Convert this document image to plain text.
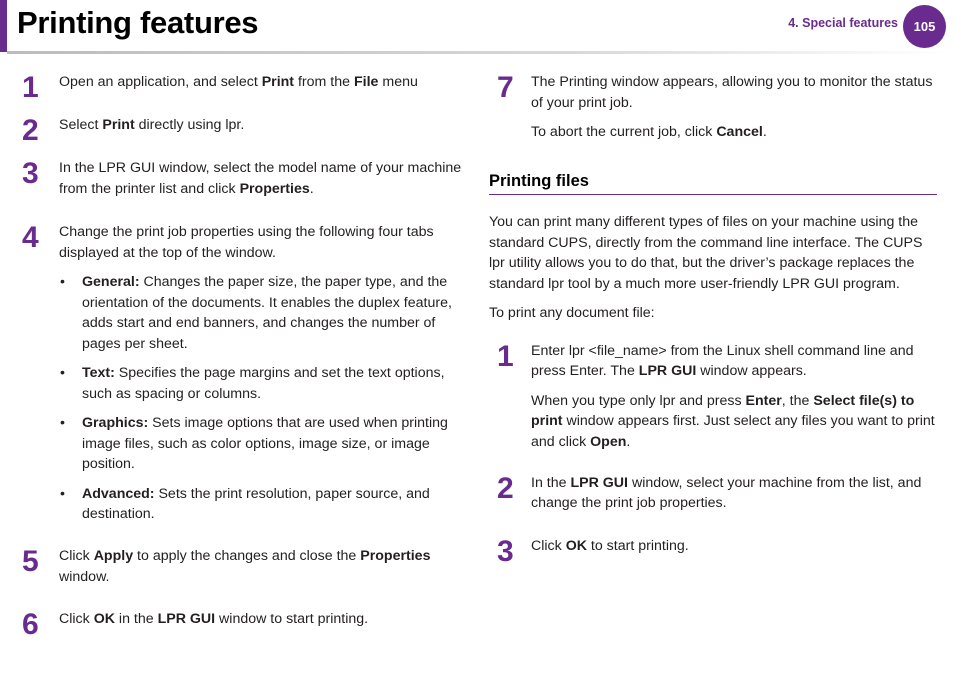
Printing features	4. Special features	105
1	Open an application, and select Print from the File menu

2	Select Print directly using lpr.

3	In the LPR GUI window, select the model name of your machine from the printer list and click Properties.

4	Change the print job properties using the following four tabs displayed at the top of the window.

• General: Changes the paper size, the paper type, and the orientation of the documents. It enables the duplex feature, adds start and end banners, and changes the number of pages per sheet.
• Text: Specifies the page margins and set the text options, such as spacing or columns.
• Graphics: Sets image options that are used when printing image files, such as color options, image size, or image position.
• Advanced: Sets the print resolution, paper source, and destination.
5	Click Apply to apply the changes and close the Properties window.

6	Click OK in the LPR GUI window to start printing.

7	The Printing window appears, allowing you to monitor the status of your print job.

To abort the current job, click Cancel.

Printing files

You can print many different types of files on your machine using the standard CUPS, directly from the command line interface. The CUPS lpr utility allows you to do that, but the driver’s package replaces the standard lpr tool by a much more user-friendly LPR GUI program.

To print any document file:

1	Enter lpr <file_name> from the Linux shell command line and press Enter. The LPR GUI window appears.

When you type only lpr and press Enter, the Select file(s) to print window appears first. Just select any files you want to print and click Open.

2	In the LPR GUI window, select your machine from the list, and change the print job properties.

3	Click OK to start printing.
